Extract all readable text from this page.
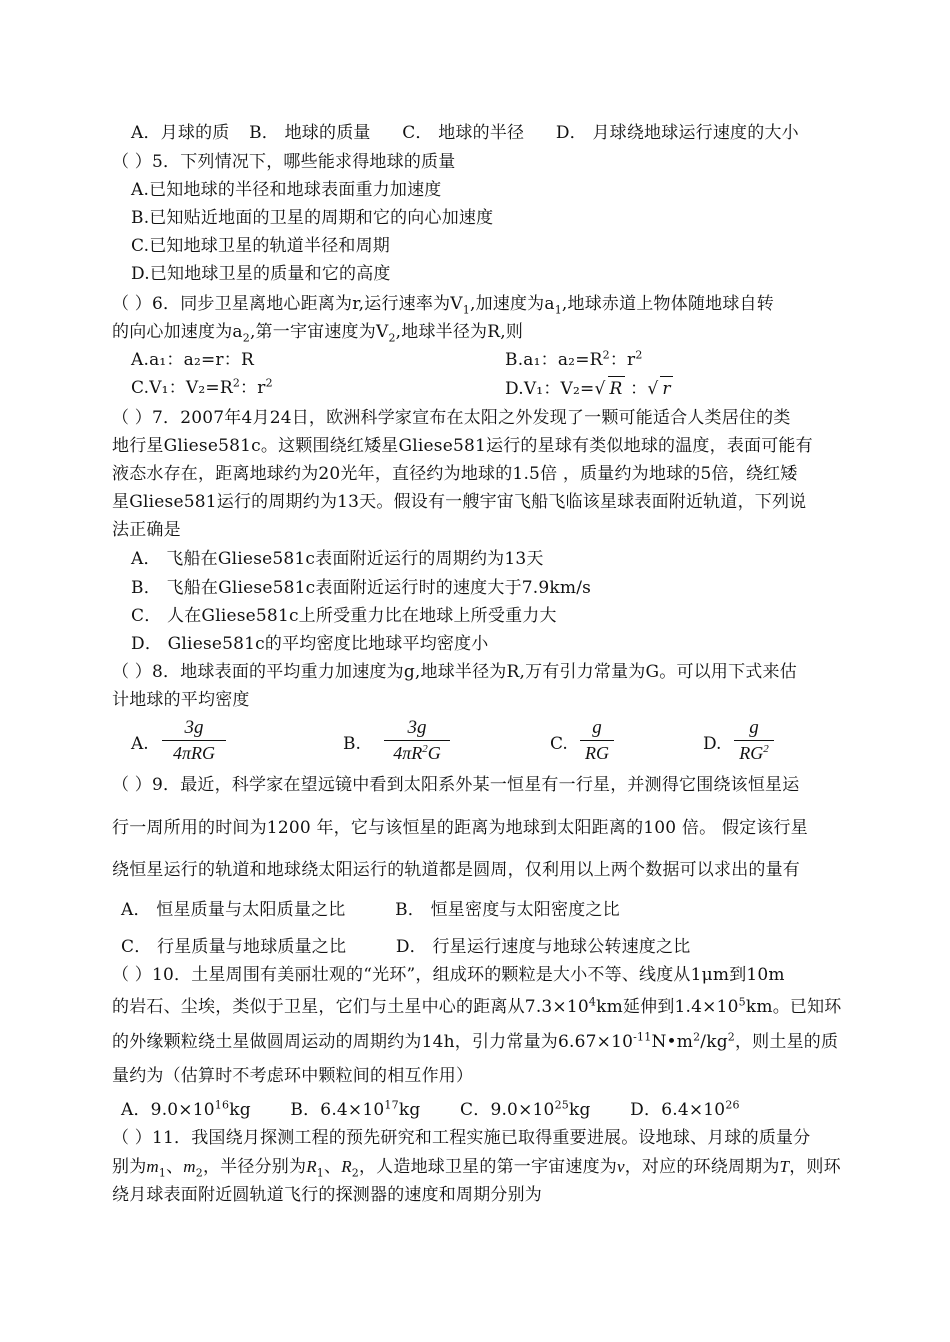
A．月球的质 B． 地球的质量 C． 地球的半径 D． 月球绕地球运行速度的大小
（ ）5．下列情况下，哪些能求得地球的质量
A.已知地球的半径和地球表面重力加速度
B.已知贴近地面的卫星的周期和它的向心加速度
C.已知地球卫星的轨道半径和周期
D.已知地球卫星的质量和它的高度
（ ）6．同步卫星离地心距离为r,运行速率为$V_1$,加速度为$a_1$,地球赤道上物体随地球自转
的向心加速度为$a_2$,第一宇宙速度为$V_2$,地球半径为R,则
A.a₁：a₂=r：R	B.a₁：$a_2=R^2$：$r^2$
C.V₁：$V_2=R^2$：$r^2$	D.V₁：V₂=√ R ：√ r
（ ）7．2007年4月24日，欧洲科学家宣布在太阳之外发现了一颗可能适合人类居住的类
地行星Gliese581c。这颗围绕红矮星Gliese581运行的星球有类似地球的温度，表面可能有
液态水存在，距离地球约为20光年，直径约为地球的1.5倍 ，质量约为地球的5倍，绕红矮
星Gliese581运行的周期约为13天。假设有一艘宇宙飞船飞临该星球表面附近轨道，下列说
法正确是
A． 飞船在Gliese581c表面附近运行的周期约为13天
B． 飞船在Gliese581c表面附近运行时的速度大于7.9km/s
C． 人在Gliese581c上所受重力比在地球上所受重力大
D． Gliese581c的平均密度比地球平均密度小
（ ）8．地球表面的平均重力加速度为g,地球半径为R,万有引力常量为G。可以用下式来估
计地球的平均密度
A.
3g
4πRG	B.
3g
$4\pi R^2G$	C.
g
RG	D.
g
$RG^2$
（ ）9．最近，科学家在望远镜中看到太阳系外某一恒星有一行星，并测得它围绕该恒星运
行一周所用的时间为1200 年，它与该恒星的距离为地球到太阳距离的100 倍。 假定该行星
绕恒星运行的轨道和地球绕太阳运行的轨道都是圆周，仅利用以上两个数据可以求出的量有
A． 恒星质量与太阳质量之比	B． 恒星密度与太阳密度之比
C． 行星质量与地球质量之比	D． 行星运行速度与地球公转速度之比
（ ）10．土星周围有美丽壮观的“光环”，组成环的颗粒是大小不等、线度从1μm到10m
的岩石、尘埃，类似于卫星，它们与土星中心的距离从$7.3\times 10^4km$延伸到$1.4\times 10^5km$。已知环
的外缘颗粒绕土星做圆周运动的周期约为14h，引力常量为$6.67\times 10^{-11}N•m^2/kg^2$，则土星的质
量约为（估算时不考虑环中颗粒间的相互作用）
A．$9.0\times 10^{16}kg$ B．$6.4\times 10^{17}kg$ C．$9.0\times 10^{25}kg$ D．$6.4\times 10^{26}$
（ ）11．我国绕月探测工程的预先研究和工程实施已取得重要进展。设地球、月球的质量分
别为$m_1$、$m_2$，半径分别为$R_1$、$R_2$，人造地球卫星的第一宇宙速度为v，对应的环绕周期为T，则环
绕月球表面附近圆轨道飞行的探测器的速度和周期分别为
